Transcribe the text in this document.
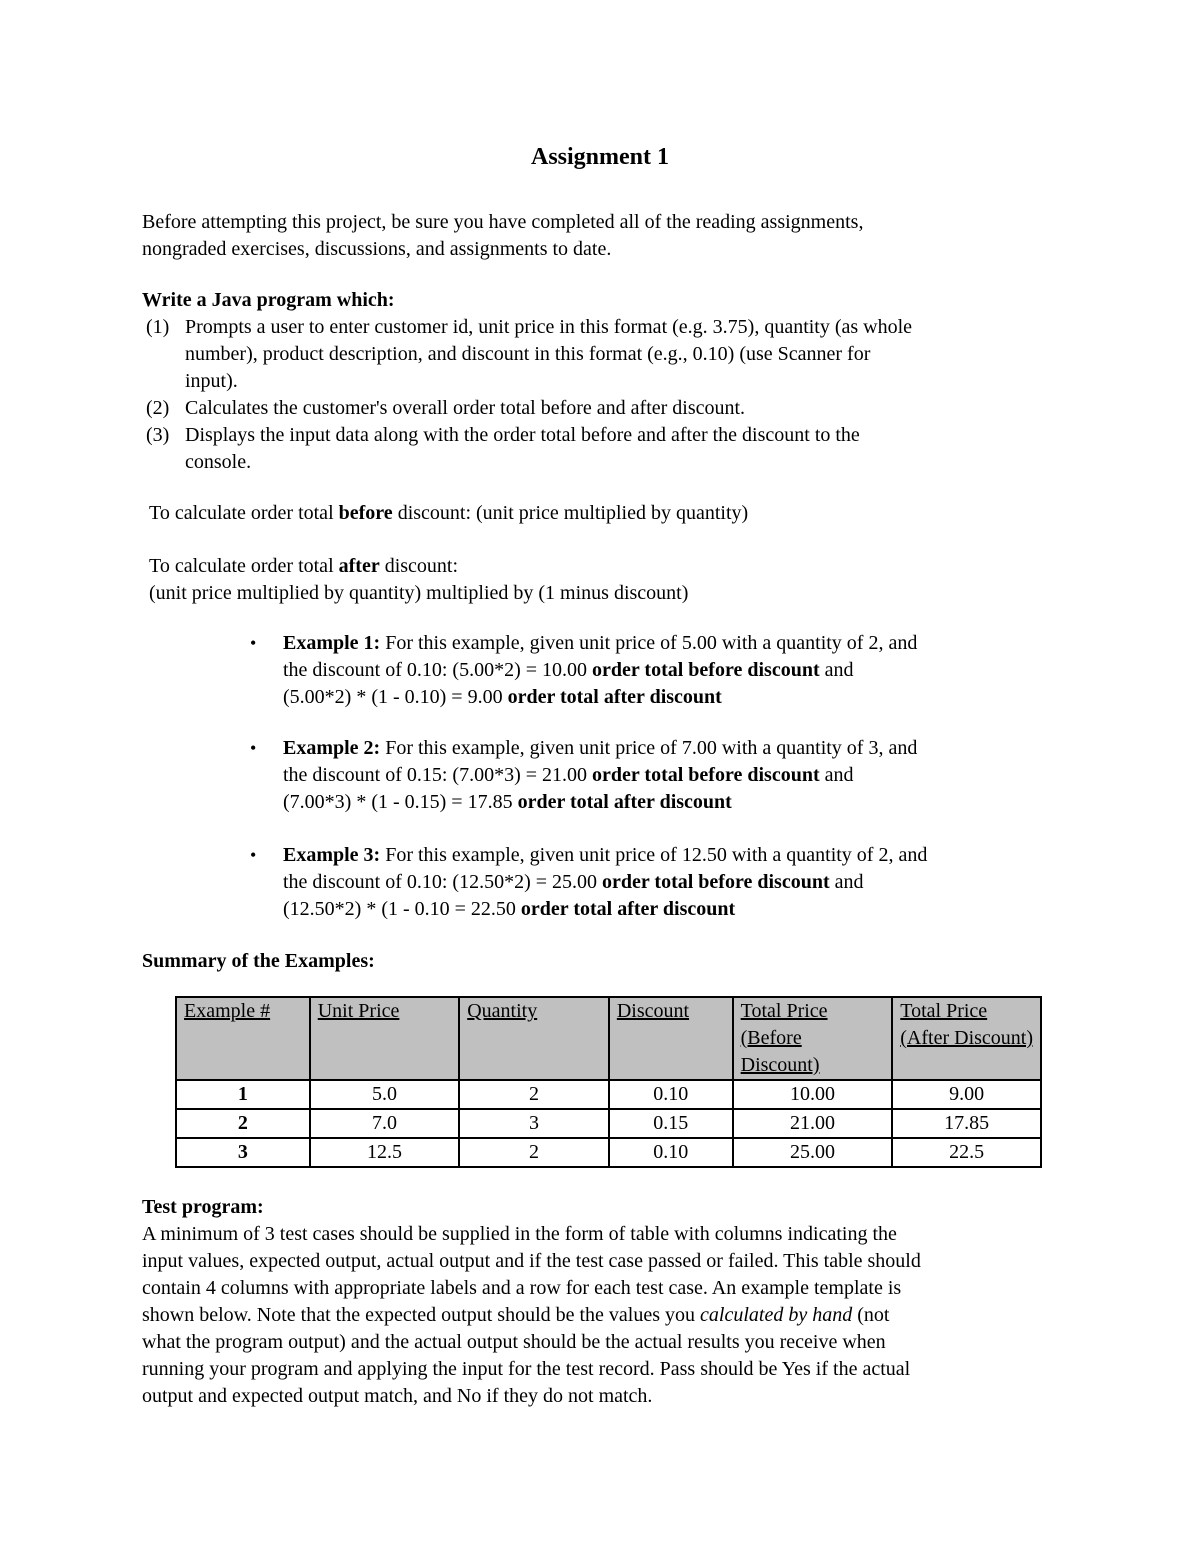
Assignment 1
Before attempting this project, be sure you have completed all of the reading assignments,
nongraded exercises, discussions, and assignments to date.
Write a Java program which:
(1) Prompts a user to enter customer id, unit price in this format (e.g. 3.75), quantity (as whole
number), product description, and discount in this format (e.g., 0.10) (use Scanner for
input).
(2) Calculates the customer's overall order total before and after discount.
(3) Displays the input data along with the order total before and after the discount to the
console.
To calculate order total before discount: (unit price multiplied by quantity)
To calculate order total after discount:
(unit price multiplied by quantity) multiplied by (1 minus discount)
• Example 1: For this example, given unit price of 5.00 with a quantity of 2, and
the discount of 0.10: (5.00*2) = 10.00 order total before discount and
(5.00*2) * (1 - 0.10) = 9.00 order total after discount
• Example 2: For this example, given unit price of 7.00 with a quantity of 3, and
the discount of 0.15: (7.00*3) = 21.00 order total before discount and
(7.00*3) * (1 - 0.15) = 17.85 order total after discount
• Example 3: For this example, given unit price of 12.50 with a quantity of 2, and
the discount of 0.10: (12.50*2) = 25.00 order total before discount and
(12.50*2) * (1 - 0.10 = 22.50 order total after discount
Summary of the Examples:
Example #	Unit Price	Quantity	Discount	Total Price (Before Discount)	Total Price (After Discount)
1	5.0	2	0.10	10.00	9.00
2	7.0	3	0.15	21.00	17.85
3	12.5	2	0.10	25.00	22.5
Test program:
A minimum of 3 test cases should be supplied in the form of table with columns indicating the
input values, expected output, actual output and if the test case passed or failed. This table should
contain 4 columns with appropriate labels and a row for each test case. An example template is
shown below. Note that the expected output should be the values you calculated by hand (not
what the program output) and the actual output should be the actual results you receive when
running your program and applying the input for the test record. Pass should be Yes if the actual
output and expected output match, and No if they do not match.
